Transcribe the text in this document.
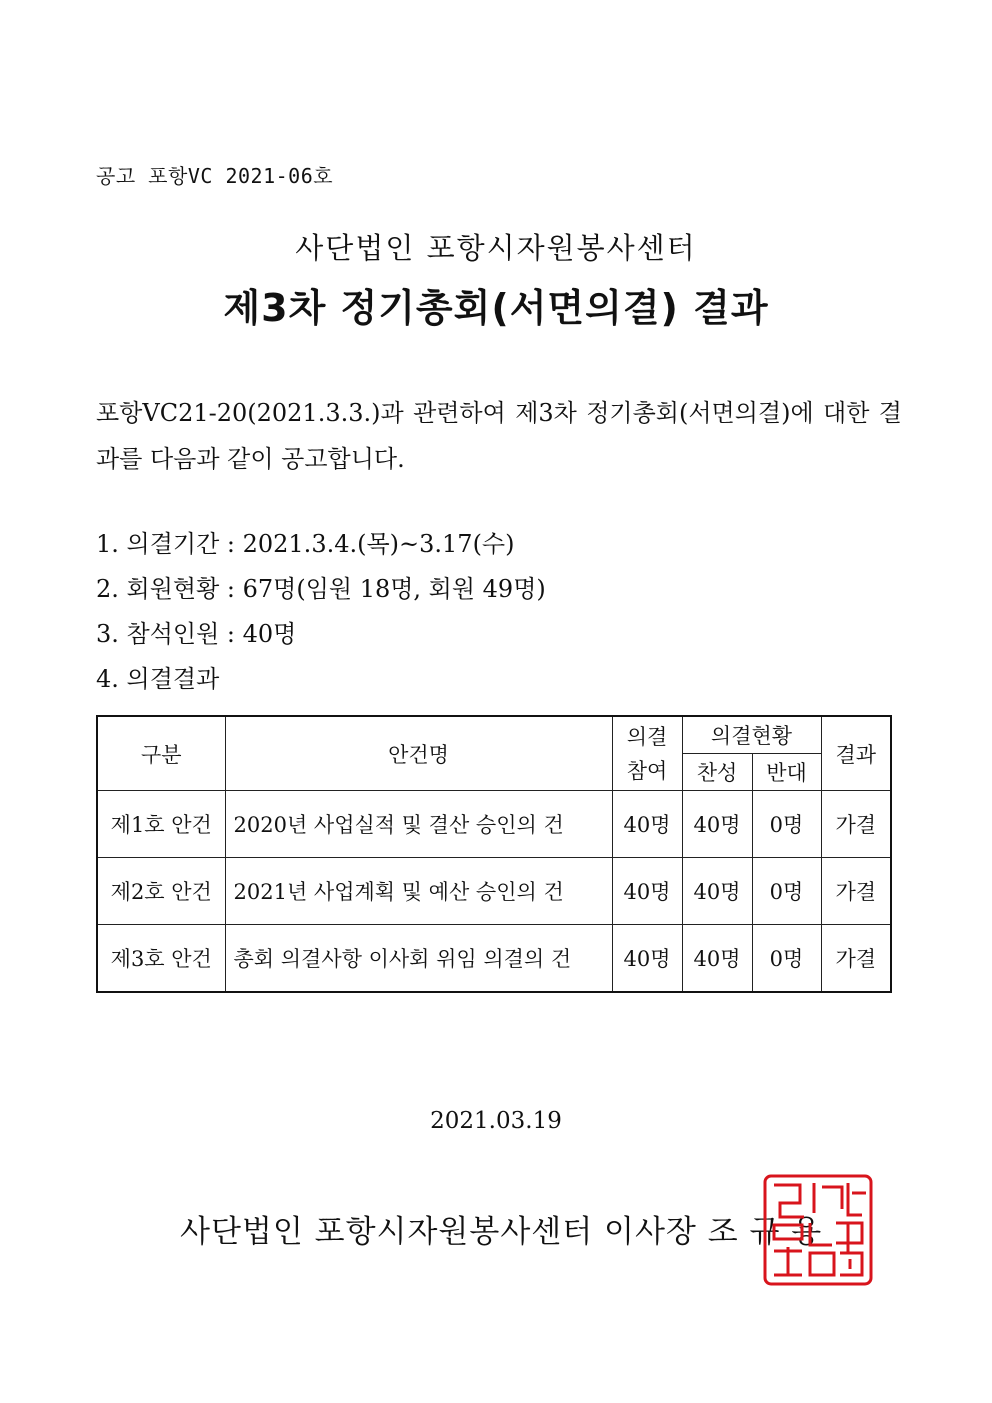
공고 포항VC 2021-06호
사단법인 포항시자원봉사센터
제3차 정기총회(서면의결) 결과
포항VC21-20(2021.3.3.)과 관련하여 제3차 정기총회(서면의결)에 대한 결과를 다음과 같이 공고합니다.
1. 의결기간 : 2021.3.4.(목)~3.17(수)
2. 회원현황 : 67명(임원 18명, 회원 49명)
3. 참석인원 : 40명
4. 의결결과
구분	안건명	의결참여	의결현황		결과
			찬성	반대	
제1호 안건	2020년 사업실적 및 결산 승인의 건	40명	40명	0명	가결
제2호 안건	2021년 사업계획 및 예산 승인의 건	40명	40명	0명	가결
제3호 안건	총회 의결사항 이사회 위임 의결의 건	40명	40명	0명	가결
2021.03.19
사단법인 포항시자원봉사센터 이사장 조 규 용
